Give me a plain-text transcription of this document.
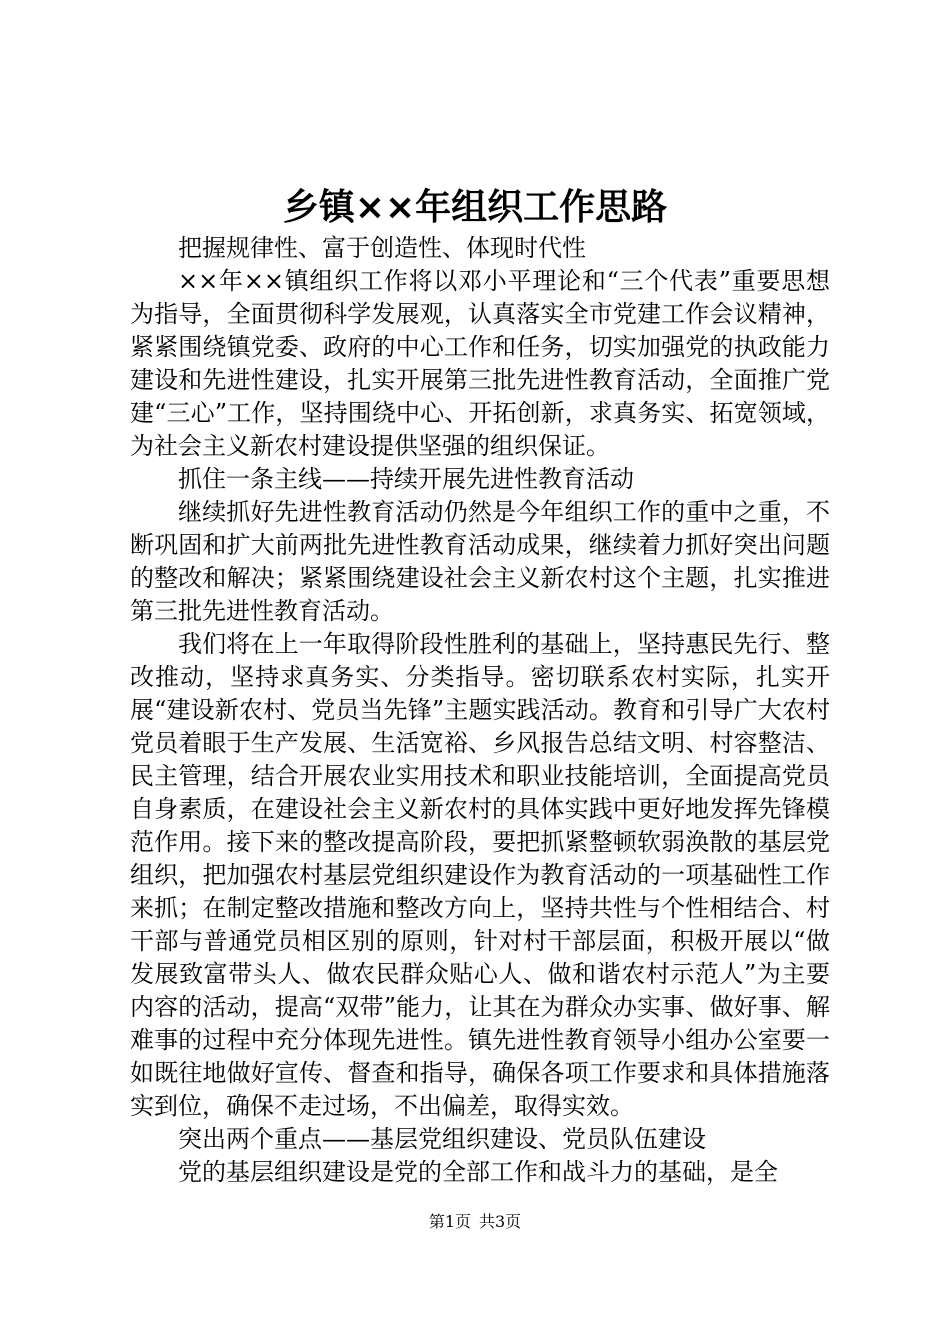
乡镇××年组织工作思路

把握规律性、富于创造性、体现时代性

××年××镇组织工作将以邓小平理论和“三个代表”重要思想为指导，全面贯彻科学发展观，认真落实全市党建工作会议精神，紧紧围绕镇党委、政府的中心工作和任务，切实加强党的执政能力建设和先进性建设，扎实开展第三批先进性教育活动，全面推广党建“三心”工作，坚持围绕中心、开拓创新，求真务实、拓宽领域，为社会主义新农村建设提供坚强的组织保证。

抓住一条主线——持续开展先进性教育活动

继续抓好先进性教育活动仍然是今年组织工作的重中之重，不断巩固和扩大前两批先进性教育活动成果，继续着力抓好突出问题的整改和解决；紧紧围绕建设社会主义新农村这个主题，扎实推进第三批先进性教育活动。

我们将在上一年取得阶段性胜利的基础上，坚持惠民先行、整改推动，坚持求真务实、分类指导。密切联系农村实际，扎实开展“建设新农村、党员当先锋”主题实践活动。教育和引导广大农村党员着眼于生产发展、生活宽裕、乡风报告总结文明、村容整洁、民主管理，结合开展农业实用技术和职业技能培训，全面提高党员自身素质，在建设社会主义新农村的具体实践中更好地发挥先锋模范作用。接下来的整改提高阶段，要把抓紧整顿软弱涣散的基层党组织，把加强农村基层党组织建设作为教育活动的一项基础性工作来抓；在制定整改措施和整改方向上，坚持共性与个性相结合、村干部与普通党员相区别的原则，针对村干部层面，积极开展以“做发展致富带头人、做农民群众贴心人、做和谐农村示范人”为主要内容的活动，提高“双带”能力，让其在为群众办实事、做好事、解难事的过程中充分体现先进性。镇先进性教育领导小组办公室要一如既往地做好宣传、督查和指导，确保各项工作要求和具体措施落实到位，确保不走过场，不出偏差，取得实效。

突出两个重点——基层党组织建设、党员队伍建设

党的基层组织建设是党的全部工作和战斗力的基础，是全

第1页 共3页
